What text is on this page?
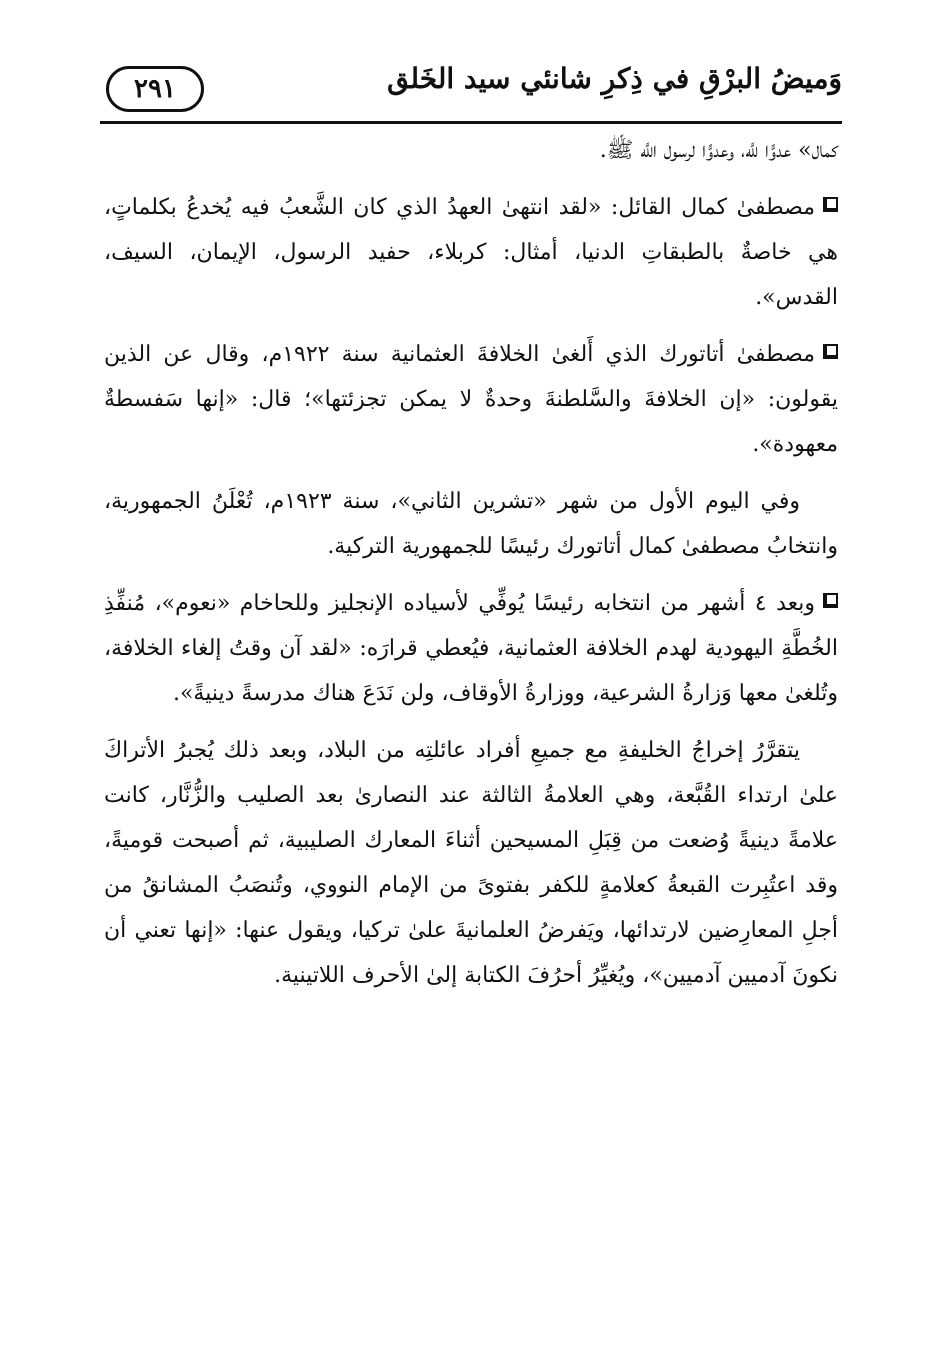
٢٩١	وَميضُ البرْقِ في ذِكرِ شانئي سيد الخَلق

كمال» عدوًّا للَّه، وعدوًّا لرسول اللَّه ﷺ.

مصطفىٰ كمال القائل: «لقد انتهىٰ العهدُ الذي كان الشَّعبُ فيه يُخدعُ بكلماتٍ، هي خاصةٌ بالطبقاتِ الدنيا، أمثال: كربلاء، حفيد الرسول، الإيمان، السيف، القدس».

مصطفىٰ أتاتورك الذي أَلغىٰ الخلافةَ العثمانية سنة ١٩٢٢م، وقال عن الذين يقولون: «إن الخلافةَ والسَّلطنةَ وحدةٌ لا يمكن تجزئتها»؛ قال: «إنها سَفسطةٌ معهودة».

وفي اليوم الأول من شهر «تشرين الثاني»، سنة ١٩٢٣م، تُعْلَنُ الجمهورية، وانتخابُ مصطفىٰ كمال أتاتورك رئيسًا للجمهورية التركية.

وبعد ٤ أشهر من انتخابه رئيسًا يُوفِّي لأسياده الإنجليز وللحاخام «نعوم»، مُنفِّذِ الخُطَّةِ اليهودية لهدم الخلافة العثمانية، فيُعطي قرارَه: «لقد آن وقتُ إلغاء الخلافة، وتُلغىٰ معها وَزارةُ الشرعية، ووزارةُ الأوقاف، ولن نَدَعَ هناك مدرسةً دينيةً».

يتقرَّرُ إخراجُ الخليفةِ مع جميعِ أفراد عائلتِه من البلاد، وبعد ذلك يُجبرُ الأتراكَ علىٰ ارتداء القُبَّعة، وهي العلامةُ الثالثة عند النصارىٰ بعد الصليب والزُّنَّار، كانت علامةً دينيةً وُضعت من قِبَلِ المسيحين أثناءَ المعارك الصليبية، ثم أصبحت قوميةً، وقد اعتُبِرت القبعةُ كعلامةٍ للكفر بفتوىً من الإمام النووي، وتُنصَبُ المشانقُ من أجلِ المعارِضين لارتدائها، ويَفرضُ العلمانيةَ علىٰ تركيا، ويقول عنها: «إنها تعني أن نكونَ آدميين آدميين»، ويُغيِّرُ أحرُفَ الكتابة إلىٰ الأحرف اللاتينية.
